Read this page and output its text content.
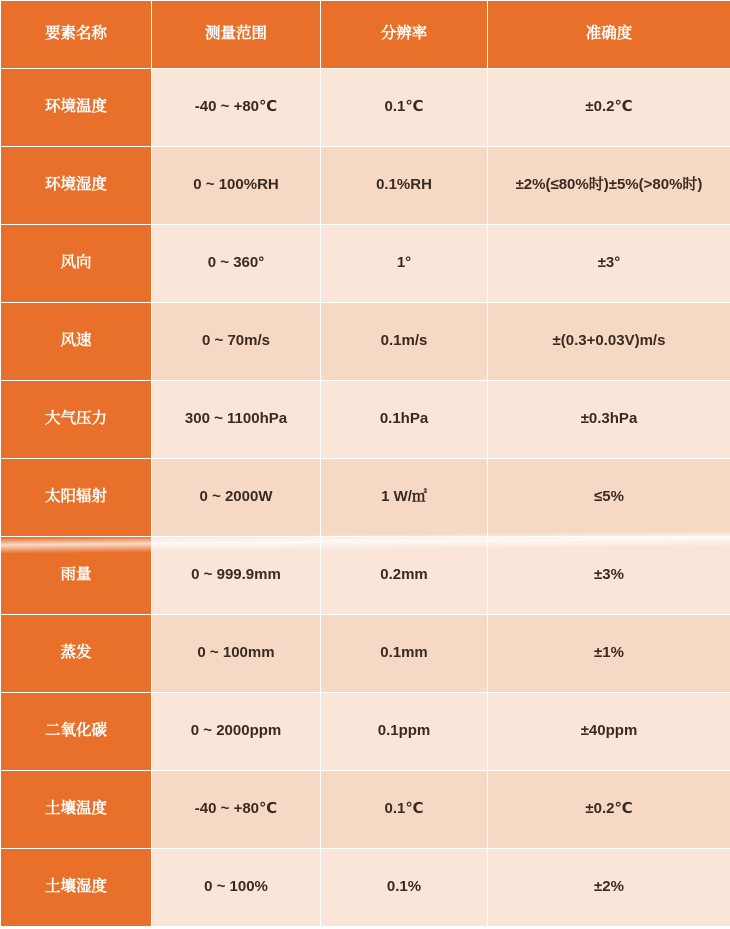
要素名称	测量范围	分辨率	准确度
环境温度	-40 ~ +80℃	0.1℃	±0.2℃
环境湿度	0 ~ 100%RH	0.1%RH	±2%(≤80%时)±5%(>80%时)
风向	0 ~ 360°	1°	±3°
风速	0 ~ 70m/s	0.1m/s	±(0.3+0.03V)m/s
大气压力	300 ~ 1100hPa	0.1hPa	±0.3hPa
太阳辐射	0 ~ 2000W	1 W/㎡	≤5%
雨量	0 ~ 999.9mm	0.2mm	±3%
蒸发	0 ~ 100mm	0.1mm	±1%
二氧化碳	0 ~ 2000ppm	0.1ppm	±40ppm
土壤温度	-40 ~ +80℃	0.1℃	±0.2℃
土壤湿度	0 ~ 100%	0.1%	±2%
